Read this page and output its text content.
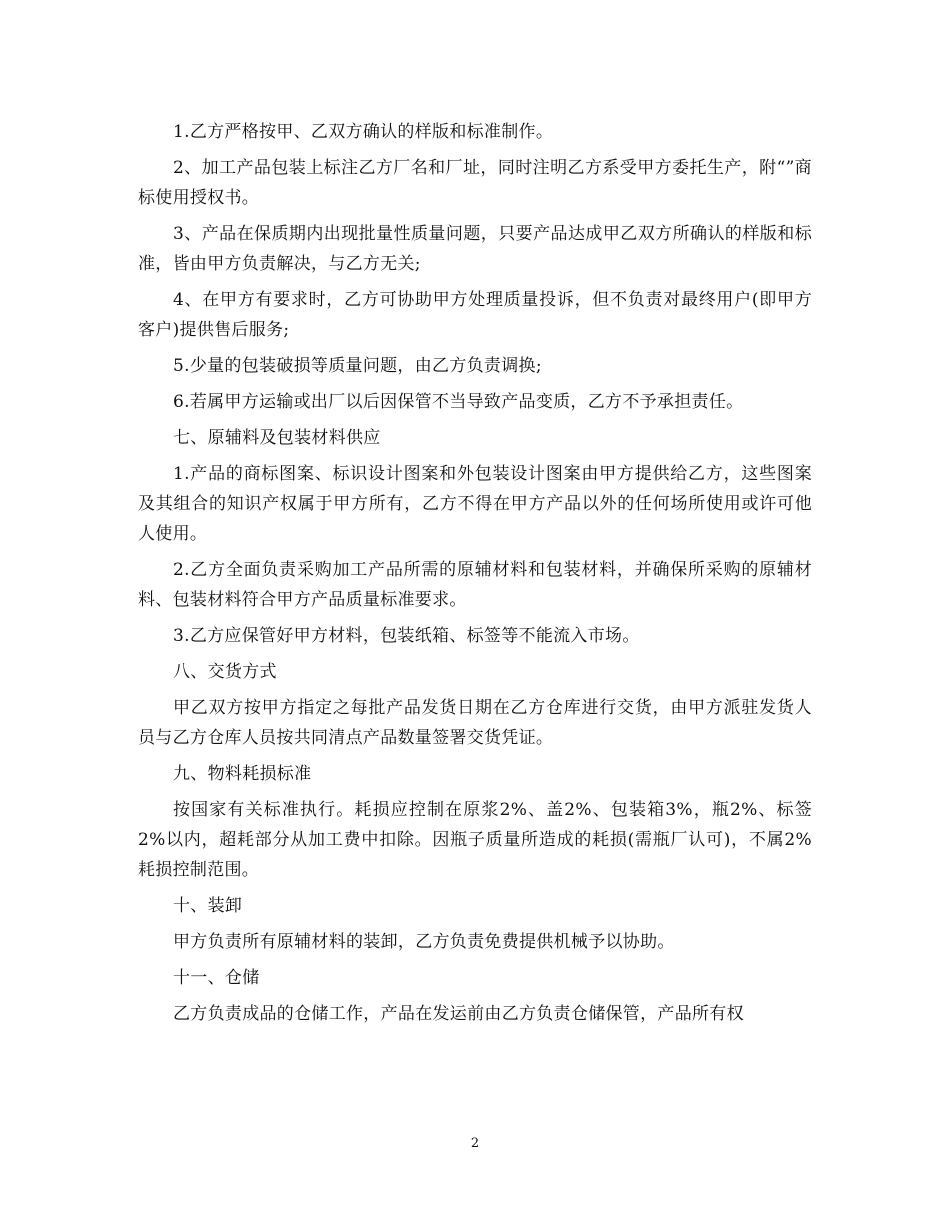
1.乙方严格按甲、乙双方确认的样版和标准制作。

2、加工产品包装上标注乙方厂名和厂址，同时注明乙方系受甲方委托生产，附“”商标使用授权书。

3、产品在保质期内出现批量性质量问题，只要产品达成甲乙双方所确认的样版和标准，皆由甲方负责解决，与乙方无关;

4、在甲方有要求时，乙方可协助甲方处理质量投诉，但不负责对最终用户(即甲方客户)提供售后服务;

5.少量的包装破损等质量问题，由乙方负责调换;

6.若属甲方运输或出厂以后因保管不当导致产品变质，乙方不予承担责任。

七、原辅料及包装材料供应

1.产品的商标图案、标识设计图案和外包装设计图案由甲方提供给乙方，这些图案及其组合的知识产权属于甲方所有，乙方不得在甲方产品以外的任何场所使用或许可他人使用。

2.乙方全面负责采购加工产品所需的原辅材料和包装材料，并确保所采购的原辅材料、包装材料符合甲方产品质量标准要求。

3.乙方应保管好甲方材料，包装纸箱、标签等不能流入市场。

八、交货方式

甲乙双方按甲方指定之每批产品发货日期在乙方仓库进行交货，由甲方派驻发货人员与乙方仓库人员按共同清点产品数量签署交货凭证。

九、物料耗损标准

按国家有关标准执行。耗损应控制在原浆2%、盖2%、包装箱3%，瓶2%、标签2%以内，超耗部分从加工费中扣除。因瓶子质量所造成的耗损(需瓶厂认可)，不属2%耗损控制范围。

十、装卸

甲方负责所有原辅材料的装卸，乙方负责免费提供机械予以协助。

十一、仓储

乙方负责成品的仓储工作，产品在发运前由乙方负责仓储保管，产品所有权

2
